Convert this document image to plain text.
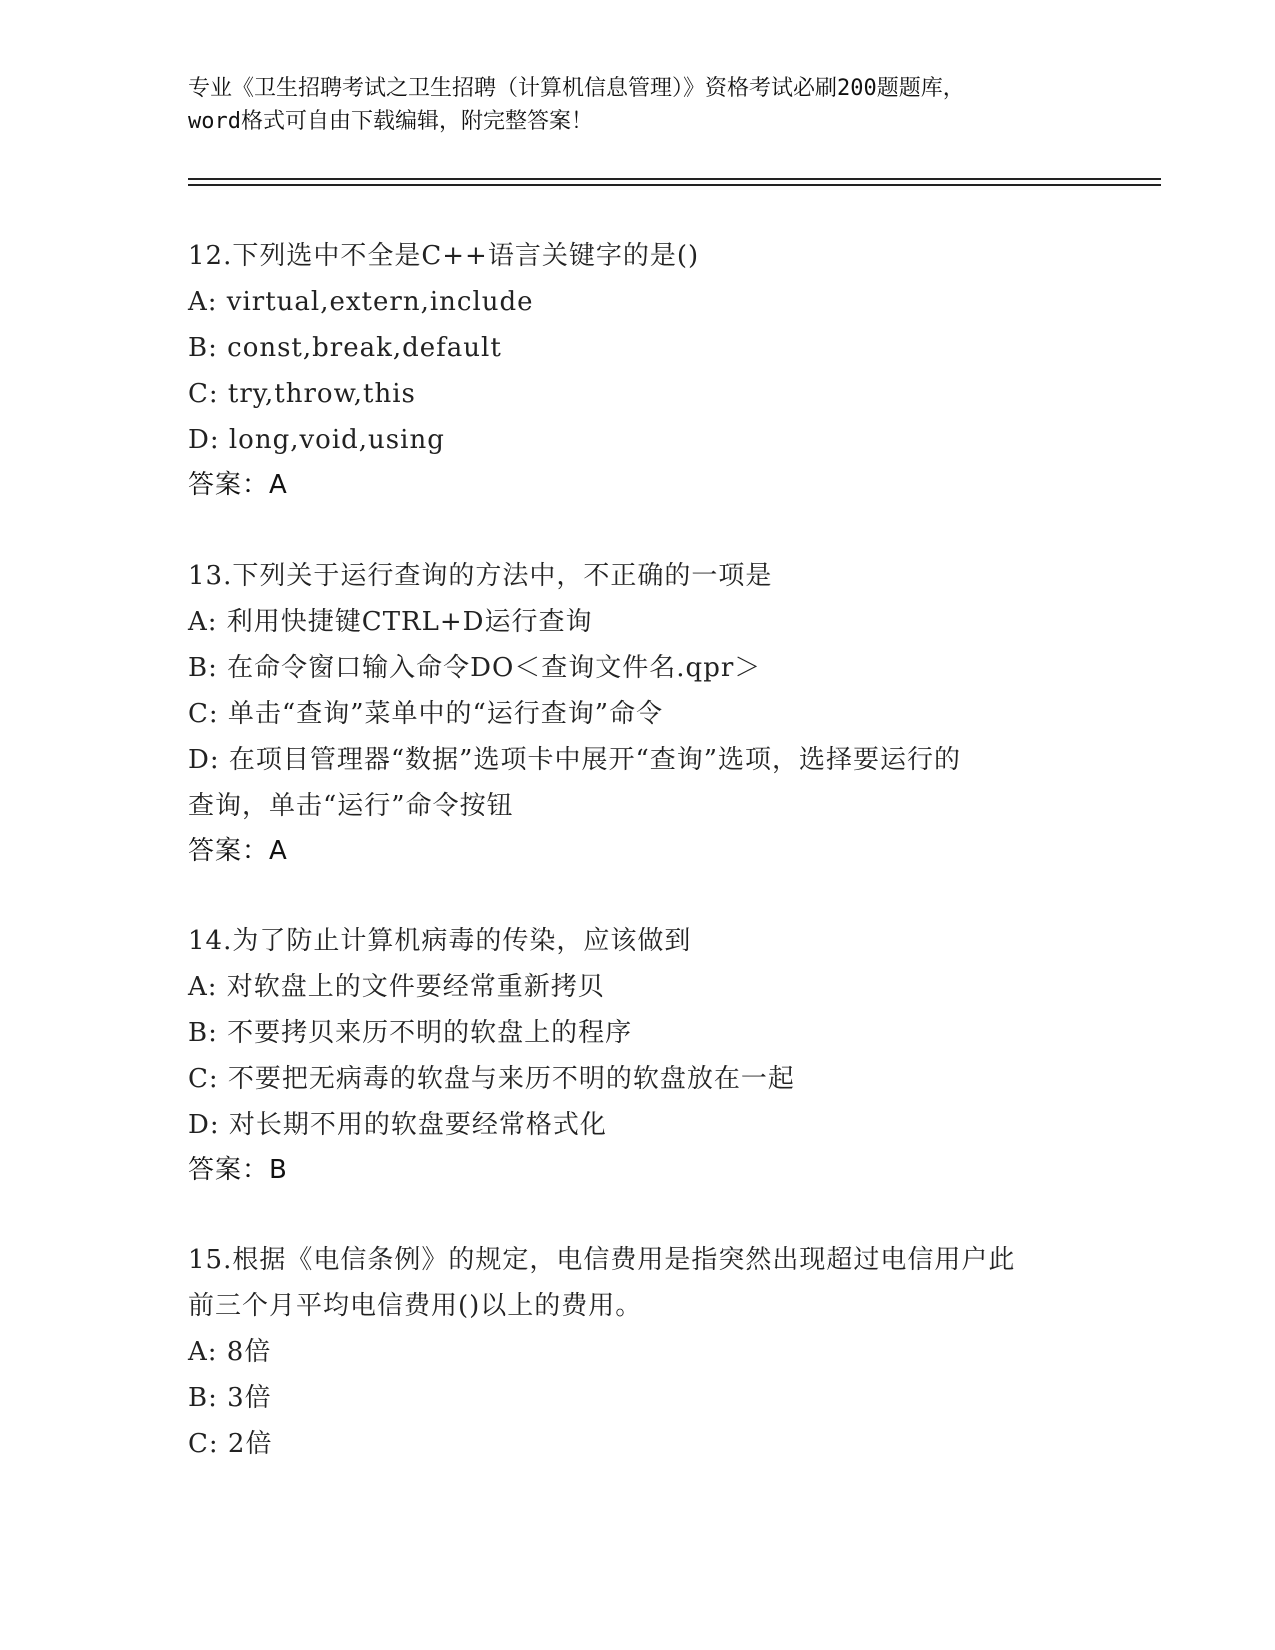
专业《卫生招聘考试之卫生招聘（计算机信息管理）》资格考试必刷200题题库，
word格式可自由下载编辑，附完整答案！
12.下列选中不全是C++语言关键字的是()
A: virtual,extern,include
B: const,break,default
C: try,throw,this
D: long,void,using
答案：A
13.下列关于运行查询的方法中，不正确的一项是
A: 利用快捷键CTRL+D运行查询
B: 在命令窗口输入命令DO＜查询文件名.qpr＞
C: 单击“查询”菜单中的“运行查询”命令
D: 在项目管理器“数据”选项卡中展开“查询”选项，选择要运行的
查询，单击“运行”命令按钮
答案：A
14.为了防止计算机病毒的传染，应该做到
A: 对软盘上的文件要经常重新拷贝
B: 不要拷贝来历不明的软盘上的程序
C: 不要把无病毒的软盘与来历不明的软盘放在一起
D: 对长期不用的软盘要经常格式化
答案：B
15.根据《电信条例》的规定，电信费用是指突然出现超过电信用户此
前三个月平均电信费用()以上的费用。
A: 8倍
B: 3倍
C: 2倍
